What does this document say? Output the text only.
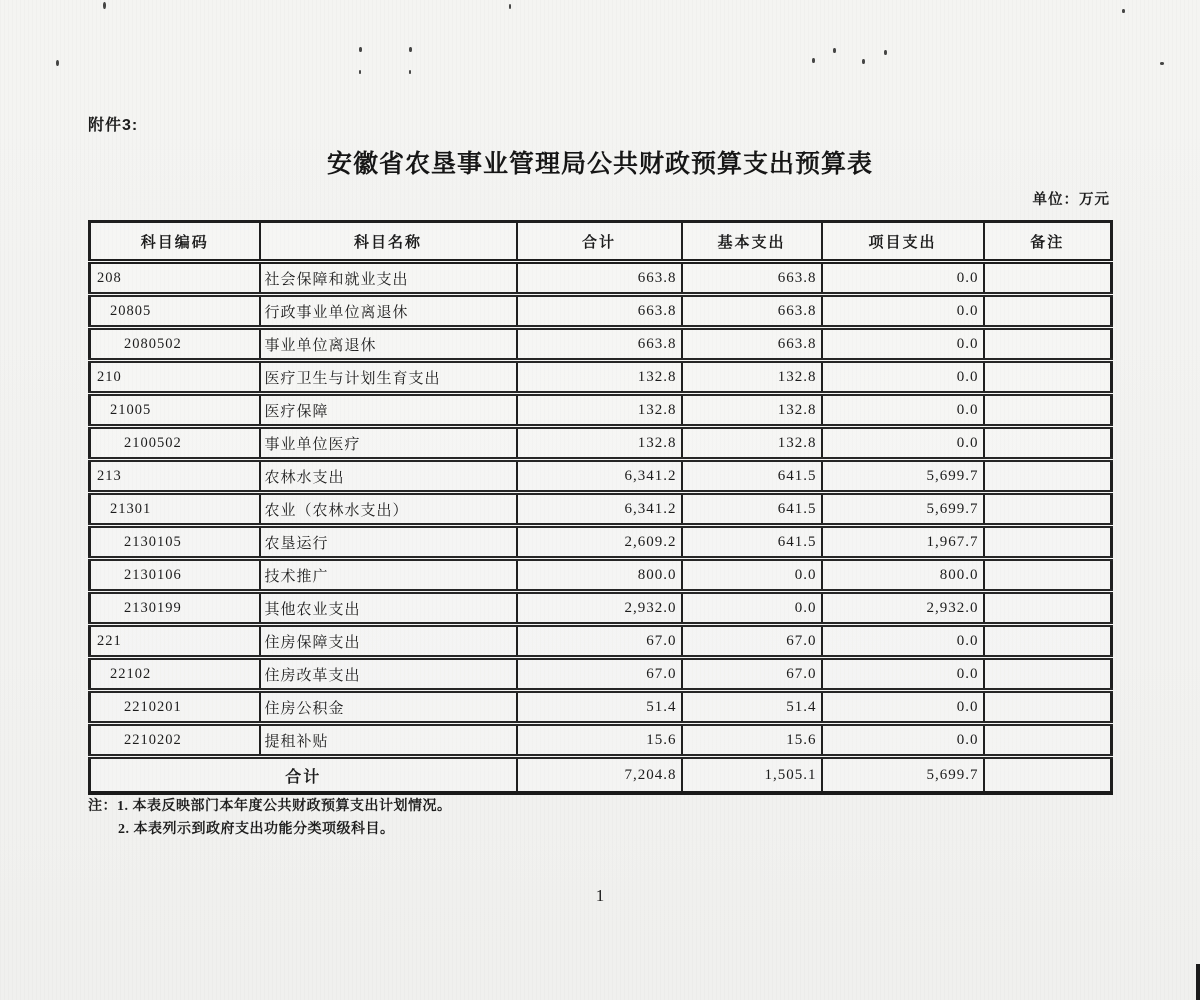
附件3:
安徽省农垦事业管理局公共财政预算支出预算表
单位：万元
科目编码	科目名称	合计	基本支出	项目支出	备注
208	社会保障和就业支出	663.8	663.8	0.0	
20805	行政事业单位离退休	663.8	663.8	0.0	
2080502	事业单位离退休	663.8	663.8	0.0	
210	医疗卫生与计划生育支出	132.8	132.8	0.0	
21005	医疗保障	132.8	132.8	0.0	
2100502	事业单位医疗	132.8	132.8	0.0	
213	农林水支出	6,341.2	641.5	5,699.7	
21301	农业（农林水支出）	6,341.2	641.5	5,699.7	
2130105	农垦运行	2,609.2	641.5	1,967.7	
2130106	技术推广	800.0	0.0	800.0	
2130199	其他农业支出	2,932.0	0.0	2,932.0	
221	住房保障支出	67.0	67.0	0.0	
22102	住房改革支出	67.0	67.0	0.0	
2210201	住房公积金	51.4	51.4	0.0	
2210202	提租补贴	15.6	15.6	0.0	
合计		7,204.8	1,505.1	5,699.7	
注：1. 本表反映部门本年度公共财政预算支出计划情况。
2. 本表列示到政府支出功能分类项级科目。
1
